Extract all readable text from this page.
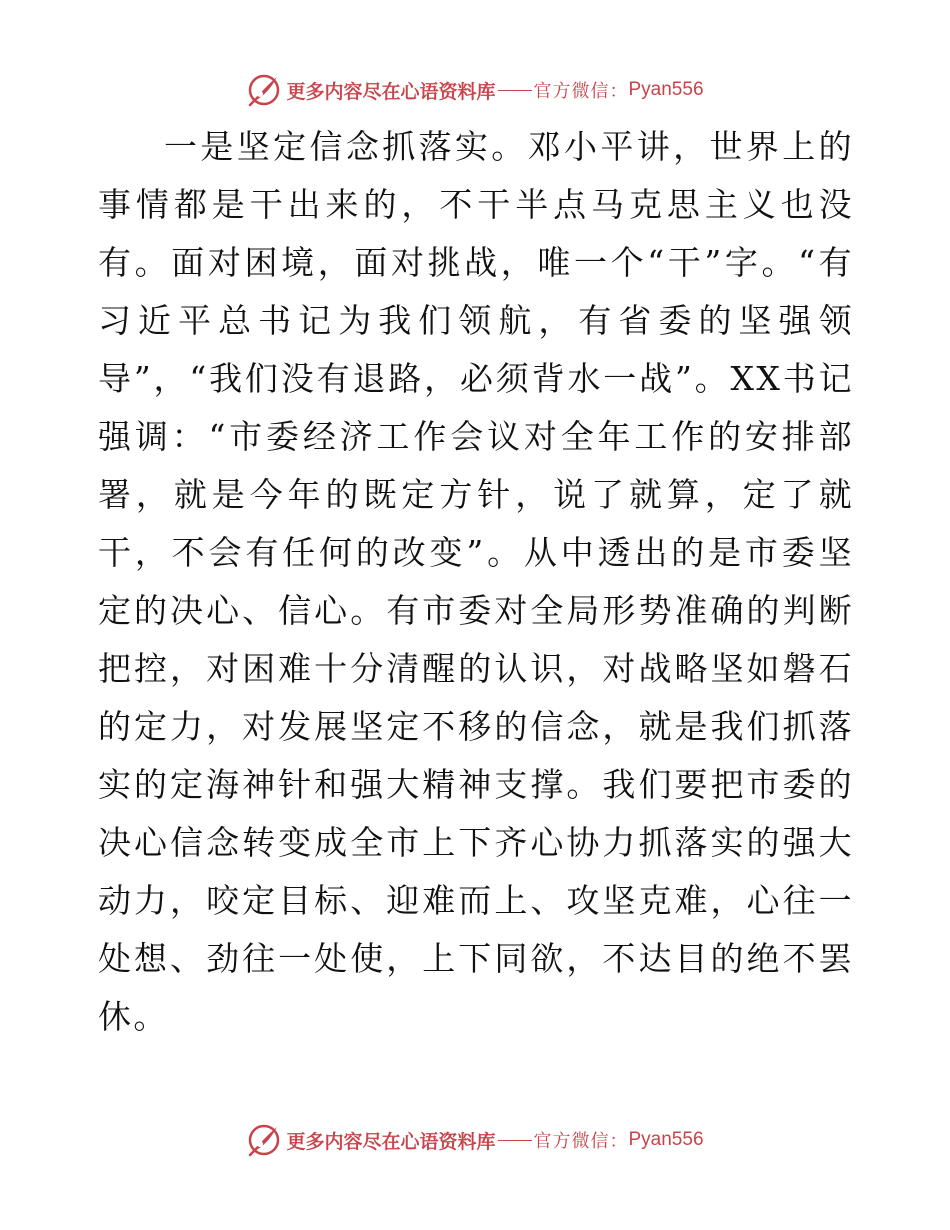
更多内容尽在心语资料库 官方微信： Pyan556

一是坚定信念抓落实。邓小平讲，世界上的事情都是干出来的，不干半点马克思主义也没有。面对困境，面对挑战，唯一个“干”字。“有习近平总书记为我们领航，有省委的坚强领导”，“我们没有退路，必须背水一战”。XX书记强调：“市委经济工作会议对全年工作的安排部署，就是今年的既定方针，说了就算，定了就干，不会有任何的改变”。从中透出的是市委坚定的决心、信心。有市委对全局形势准确的判断把控，对困难十分清醒的认识，对战略坚如磐石的定力，对发展坚定不移的信念，就是我们抓落实的定海神针和强大精神支撑。我们要把市委的决心信念转变成全市上下齐心协力抓落实的强大动力，咬定目标、迎难而上、攻坚克难，心往一处想、劲往一处使，上下同欲，不达目的绝不罢休。

更多内容尽在心语资料库 官方微信： Pyan556
